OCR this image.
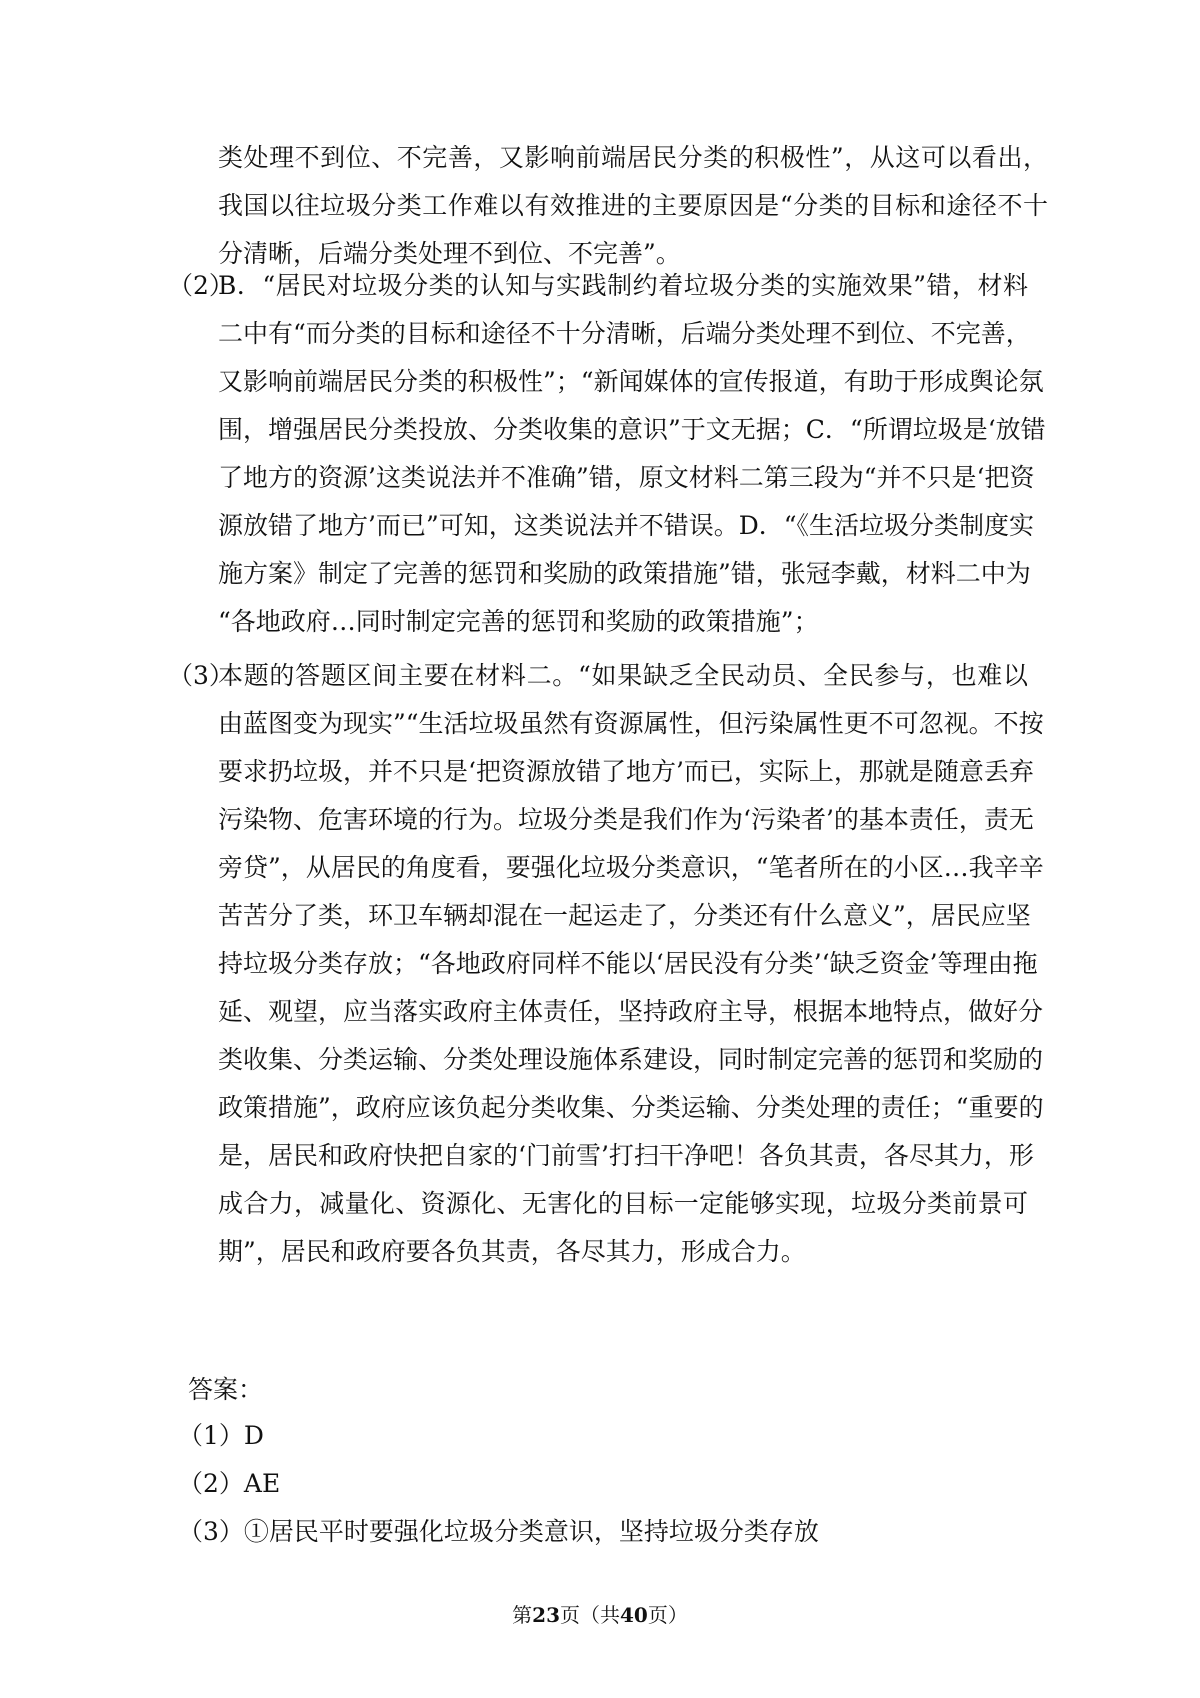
类处理不到位、不完善，又影响前端居民分类的积极性”，从这可以看出，
我国以往垃圾分类工作难以有效推进的主要原因是“分类的目标和途径不十
分清晰，后端分类处理不到位、不完善”。
（2）
B．“居民对垃圾分类的认知与实践制约着垃圾分类的实施效果”错，材料
二中有“而分类的目标和途径不十分清晰，后端分类处理不到位、不完善，
又影响前端居民分类的积极性”；“新闻媒体的宣传报道，有助于形成舆论氛
围，增强居民分类投放、分类收集的意识”于文无据；C．“所谓垃圾是‘放错
了地方的资源’这类说法并不准确”错，原文材料二第三段为“并不只是‘把资
源放错了地方’而已”可知，这类说法并不错误。D．“《生活垃圾分类制度实
施方案》制定了完善的惩罚和奖励的政策措施”错，张冠李戴，材料二中为
“各地政府…同时制定完善的惩罚和奖励的政策措施”；
（3）
本题的答题区间主要在材料二。“如果缺乏全民动员、全民参与，也难以
由蓝图变为现实”“生活垃圾虽然有资源属性，但污染属性更不可忽视。不按
要求扔垃圾，并不只是‘把资源放错了地方’而已，实际上，那就是随意丢弃
污染物、危害环境的行为。垃圾分类是我们作为‘污染者’的基本责任，责无
旁贷”，从居民的角度看，要强化垃圾分类意识，“笔者所在的小区…我辛辛
苦苦分了类，环卫车辆却混在一起运走了，分类还有什么意义”，居民应坚
持垃圾分类存放；“各地政府同样不能以‘居民没有分类’‘缺乏资金’等理由拖
延、观望，应当落实政府主体责任，坚持政府主导，根据本地特点，做好分
类收集、分类运输、分类处理设施体系建设，同时制定完善的惩罚和奖励的
政策措施”，政府应该负起分类收集、分类运输、分类处理的责任；“重要的
是，居民和政府快把自家的‘门前雪’打扫干净吧！各负其责，各尽其力，形
成合力，减量化、资源化、无害化的目标一定能够实现，垃圾分类前景可
期”，居民和政府要各负其责，各尽其力，形成合力。
答案：
（1）D
（2）AE
（3）①居民平时要强化垃圾分类意识，坚持垃圾分类存放
第23页（共40页）
